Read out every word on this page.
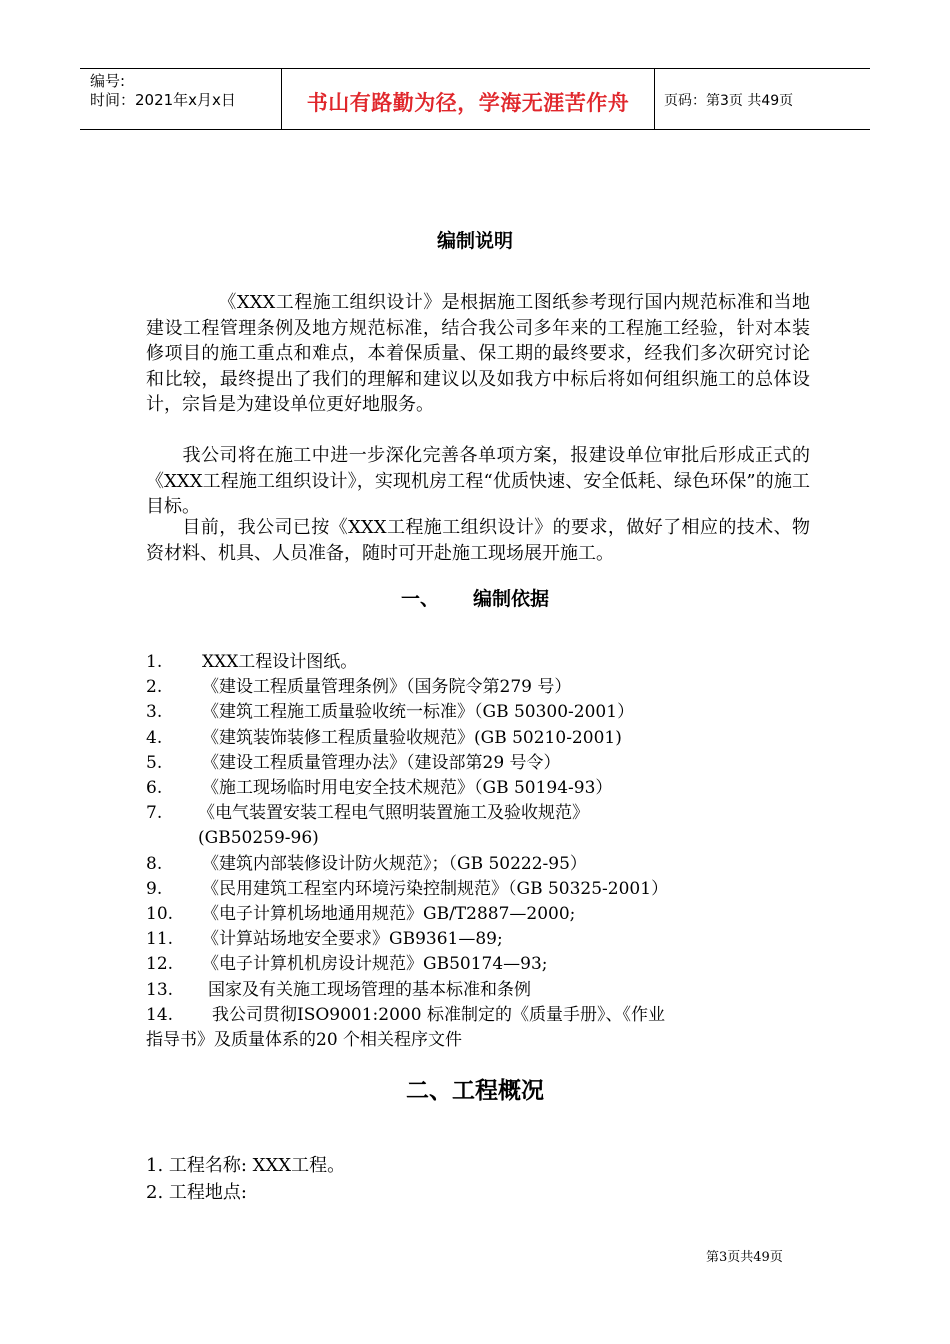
编号:
时间：2021年x月x日	书山有路勤为径，学海无涯苦作舟	页码：第3页 共49页
编制说明
《XXX工程施工组织设计》是根据施工图纸参考现行国内规范标准和当地建设工程管理条例及地方规范标准，结合我公司多年来的工程施工经验，针对本装修项目的施工重点和难点，本着保质量、保工期的最终要求，经我们多次研究讨论和比较，最终提出了我们的理解和建议以及如我方中标后将如何组织施工的总体设计，宗旨是为建设单位更好地服务。
我公司将在施工中进一步深化完善各单项方案，报建设单位审批后形成正式的《XXX工程施工组织设计》，实现机房工程“优质快速、安全低耗、绿色环保”的施工目标。
目前，我公司已按《XXX工程施工组织设计》的要求，做好了相应的技术、物资材料、机具、人员准备，随时可开赴施工现场展开施工。
一、 编制依据
1. XXX工程设计图纸。
2. 《建设工程质量管理条例》（国务院令第279 号）
3. 《建筑工程施工质量验收统一标准》（GB 50300-2001）
4. 《建筑装饰装修工程质量验收规范》(GB 50210-2001)
5. 《建设工程质量管理办法》（建设部第29 号令）
6. 《施工现场临时用电安全技术规范》（GB 50194-93）
7. 《电气装置安装工程电气照明装置施工及验收规范》
(GB50259-96)
8. 《建筑内部装修设计防火规范》；（GB 50222-95）
9. 《民用建筑工程室内环境污染控制规范》（GB 50325-2001）
10. 《电子计算机场地通用规范》GB/T2887—2000;
11. 《计算站场地安全要求》GB9361—89;
12. 《电子计算机机房设计规范》GB50174—93;
13. 国家及有关施工现场管理的基本标准和条例
14. 我公司贯彻ISO9001:2000 标准制定的《质量手册》、《作业
指导书》及质量体系的20 个相关程序文件
二、工程概况
1. 工程名称: XXX工程。
2. 工程地点:
第3页共49页
